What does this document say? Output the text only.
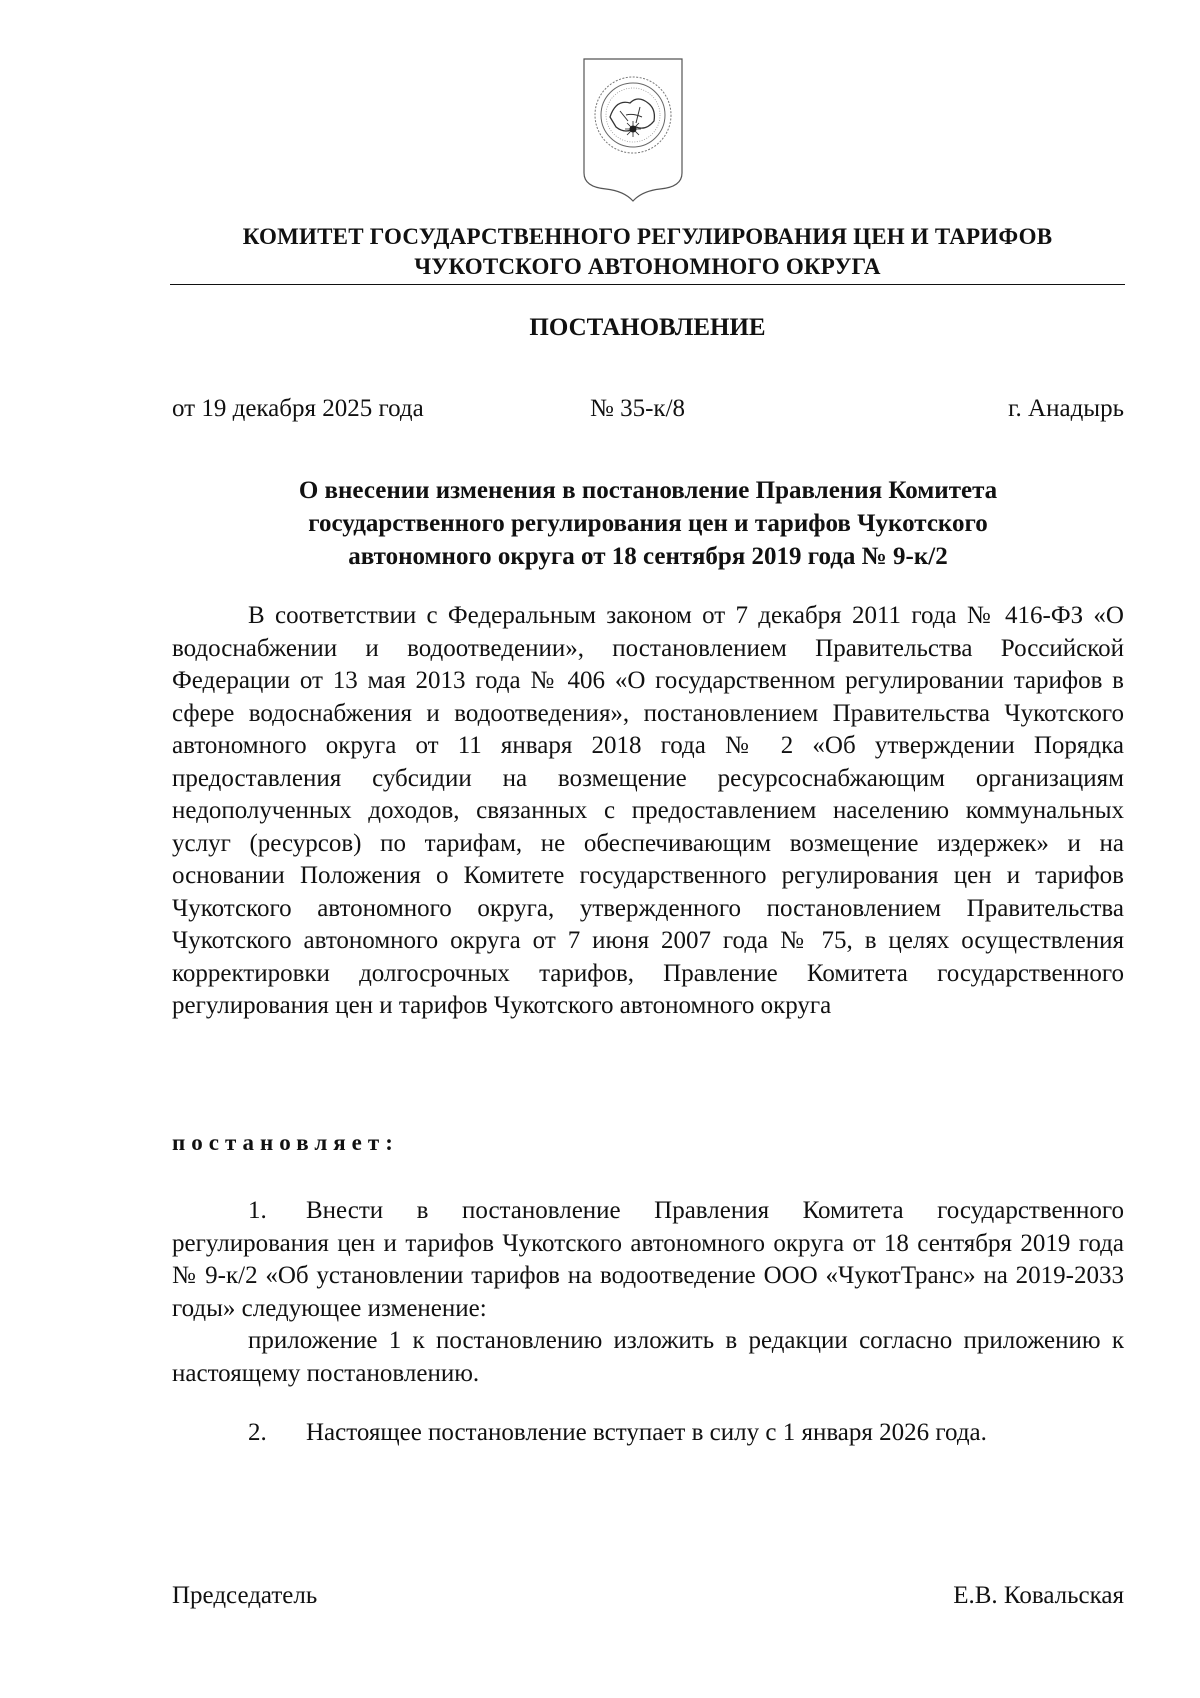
КОМИТЕТ ГОСУДАРСТВЕННОГО РЕГУЛИРОВАНИЯ ЦЕН И ТАРИФОВ
ЧУКОТСКОГО АВТОНОМНОГО ОКРУГА
ПОСТАНОВЛЕНИЕ
от 19 декабря 2025 года	№ 35-к/8	г. Анадырь
О внесении изменения в постановление Правления Комитета
государственного регулирования цен и тарифов Чукотского
автономного округа от 18 сентября 2019 года № 9-к/2
В соответствии с Федеральным законом от 7 декабря 2011 года № 416-ФЗ «О водоснабжении и водоотведении», постановлением Правительства Российской Федерации от 13 мая 2013 года № 406 «О государственном регулировании тарифов в сфере водоснабжения и водоотведения», постановлением Правительства Чукотского автономного округа от 11 января 2018 года № 2 «Об утверждении Порядка предоставления субсидии на возмещение ресурсоснабжающим организациям недополученных доходов, связанных с предоставлением населению коммунальных услуг (ресурсов) по тарифам, не обеспечивающим возмещение издержек» и на основании Положения о Комитете государственного регулирования цен и тарифов Чукотского автономного округа, утвержденного постановлением Правительства Чукотского автономного округа от 7 июня 2007 года № 75, в целях осуществления корректировки долгосрочных тарифов, Правление Комитета государственного регулирования цен и тарифов Чукотского автономного округа
постановляет:
1. Внести в постановление Правления Комитета государственного регулирования цен и тарифов Чукотского автономного округа от 18 сентября 2019 года № 9-к/2 «Об установлении тарифов на водоотведение ООО «ЧукотТранс» на 2019-2033 годы» следующее изменение:
приложение 1 к постановлению изложить в редакции согласно приложению к настоящему постановлению.
2. Настоящее постановление вступает в силу с 1 января 2026 года.
Председатель	Е.В. Ковальская
